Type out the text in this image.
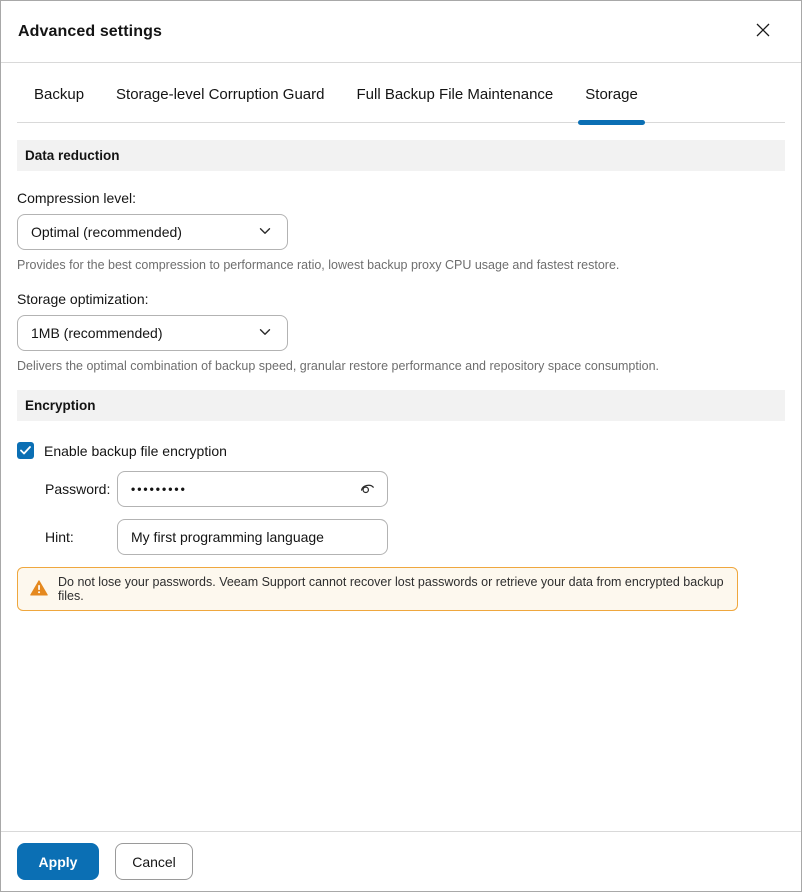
Advanced settings
Backup	Storage-level Corruption Guard	Full Backup File Maintenance	Storage
Data reduction
Compression level:
Optimal (recommended)
Provides for the best compression to performance ratio, lowest backup proxy CPU usage and fastest restore.
Storage optimization:
1MB (recommended)
Delivers the optimal combination of backup speed, granular restore performance and repository space consumption.
Encryption
Enable backup file encryption
Password:
•••••••••
Hint:
My first programming language
Do not lose your passwords. Veeam Support cannot recover lost passwords or retrieve your data from encrypted backup files.
Apply	Cancel
